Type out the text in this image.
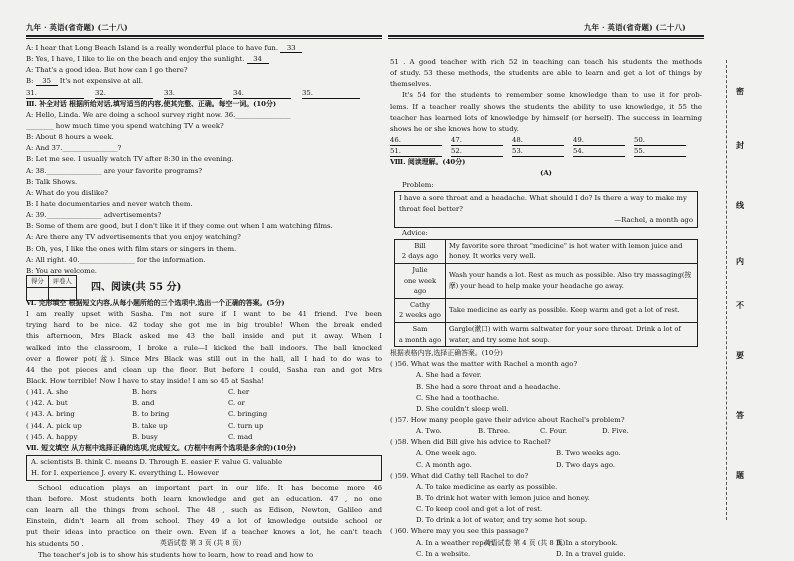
九年 · 英语(省奇题) (二十八)
A: I hear that Long Beach Island is a really wonderful place to have fun. 33
B: Yes, I have, I like to lie on the beach and enjoy the sunlight. 34
A: That's a good idea. But how can I go there?
B: 35 It's not expensive at all.
31.	32.	33.	34.	35.
Ⅲ. 补全对话 根据所给对话,填写适当的内容,使其完整、正确。每空一词。(10分)
A: Hello, Linda. We are doing a school survey right now. 36.________________
________ how much time you spend watching TV a week?
B: About 8 hours a week.
A: And 37.________________?
B: Let me see. I usually watch TV after 8:30 in the evening.
A: 38.________________ are your favorite programs?
B: Talk Shows.
A: What do you dislike?
B: I hate documentaries and never watch them.
A: 39.________________ advertisements?
B: Some of them are good, but I don't like it if they come out when I am watching films.
A: Are there any TV advertisements that you enjoy watching?
B: Oh, yes, I like the ones with film stars or singers in them.
A: All right. 40.________________ for the information.
B: You are welcome.
得分	评卷人

四、阅读(共 55 分)
Ⅵ. 完形填空 根据短文内容,从每小题所给的三个选项中,选出一个正确的答案。(5分)
I am really upset with Sasha. I'm not sure if I want to be 41 friend. I've been
trying hard to be nice. 42 today she got me in big trouble! When the break ended
this afternoon, Mrs Black asked me 43 the ball inside and put it away. When I
walked into the classroom, I broke a rule—I kicked the ball indoors. The ball knocked
over a flower pot(盆). Since Mrs Black was still out in the hall, all I had to do was to
44 the pot pieces and clean up the floor. But before I could, Sasha ran and got Mrs
Black. How terrible! Now I have to stay inside! I am so 45 at Sasha!
( )41. A. she	B. hers	C. her
( )42. A. but	B. and	C. or
( )43. A. bring	B. to bring	C. bringing
( )44. A. pick up	B. take up	C. turn up
( )45. A. happy	B. busy	C. mad
Ⅶ. 短文填空 从方框中选择正确的选项,完成短文。(方框中有两个选项是多余的)(10分)
A. scientists B. think C. means D. Through E. easier F. value G. valuable
H. for I. experience J. every K. everything L. However
School education plays an important part in our life. It has become more 46
than before. Most students both learn knowledge and get an education. 47 , no one
can learn all the things from school. The 48 , such as Edison, Newton, Galileo and
Einstein, didn't learn all from school. They 49 a lot of knowledge outside school or
put their ideas into practice on their own. Even if a teacher knows a lot, he can't teach
his students 50 .
The teacher's job is to show his students how to learn, how to read and how to
英语试卷 第 3 页 (共 8 页)
九年 · 英语(省奇题) (二十八)
51 . A good teacher with rich 52 in teaching can teach his students the methods
of study. 53 these methods, the students are able to learn and get a lot of things by
themselves.
It's 54 for the students to remember some knowledge than to use it for prob-
lems. If a teacher really shows the students the ability to use knowledge, it 55 the
teacher has learned lots of knowledge by himself (or herself). The success in learning
shows he or she knows how to study.
46.	47.	48.	49.	50.
51.	52.	53.	54.	55.
Ⅷ. 阅读理解。(40分)
(A)
Problem:
I have a sore throat and a headache. What should I do? Is there a way to make my throat feel better?
—Rachel, a month ago
Advice:
Bill
2 days ago	My favorite sore throat "medicine" is hot water with lemon juice and honey. It works very well.

Julie
one week ago	Wash your hands a lot. Rest as much as possible. Also try massaging(按摩) your head to help make your headache go away.

Cathy
2 weeks ago	Take medicine as early as possible. Keep warm and get a lot of rest.

Sam
a month ago	Gargle(漱口) with warm saltwater for your sore throat. Drink a lot of water, and try some hot soup.
根据表格内容,选择正确答案。(10分)
( )56. What was the matter with Rachel a month ago?
A. She had a fever.
B. She had a sore throat and a headache.
C. She had a toothache.
D. She couldn't sleep well.
( )57. How many people gave their advice about Rachel's problem?
A. Two.	B. Three.	C. Four.	D. Five.
( )58. When did Bill give his advice to Rachel?
A. One week ago.	B. Two weeks ago.
C. A month ago.	D. Two days ago.
( )59. What did Cathy tell Rachel to do?
A. To take medicine as early as possible.
B. To drink hot water with lemon juice and honey.
C. To keep cool and get a lot of rest.
D. To drink a lot of water, and try some hot soup.
( )60. Where may you see this passage?
A. In a weather report.	B. In a storybook.
C. In a website.	D. In a travel guide.
英语试卷 第 4 页 (共 8 页)
密
封
线
内
不
要
答
题
